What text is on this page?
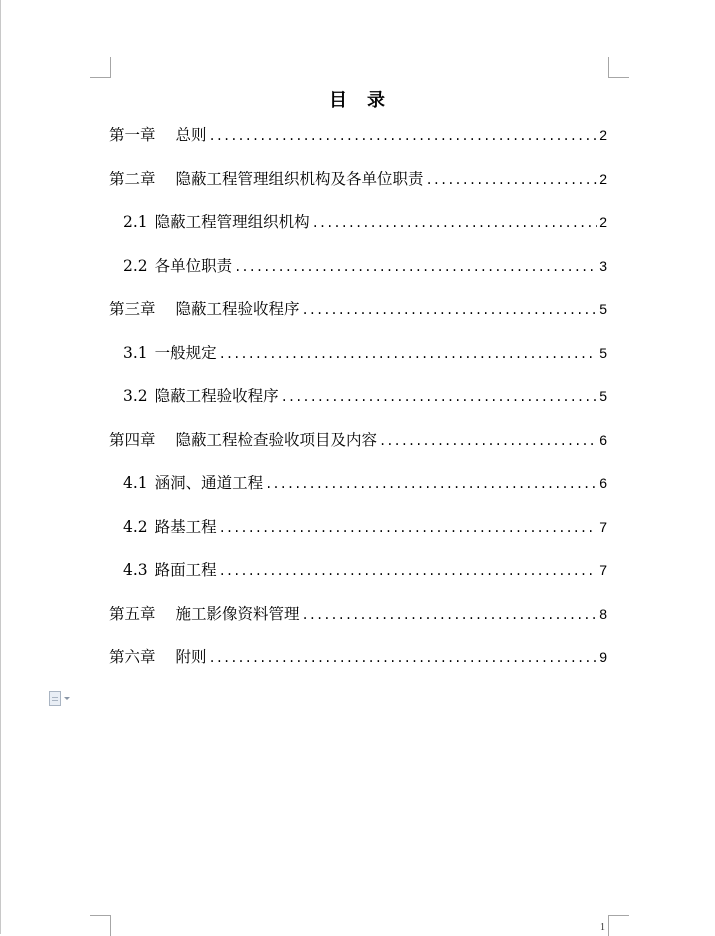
目　录
第一章 总则 .....	2
第二章 隐蔽工程管理组织机构及各单位职责 .....	2
2.1 隐蔽工程管理组织机构 .....	2
2.2 各单位职责 .....	3
第三章 隐蔽工程验收程序 .....	5
3.1 一般规定 .....	5
3.2 隐蔽工程验收程序 .....	5
第四章 隐蔽工程检查验收项目及内容 .....	6
4.1 涵洞、通道工程 .....	6
4.2 路基工程 .....	7
4.3 路面工程 .....	7
第五章 施工影像资料管理 .....	8
第六章 附则 .....	9
1
